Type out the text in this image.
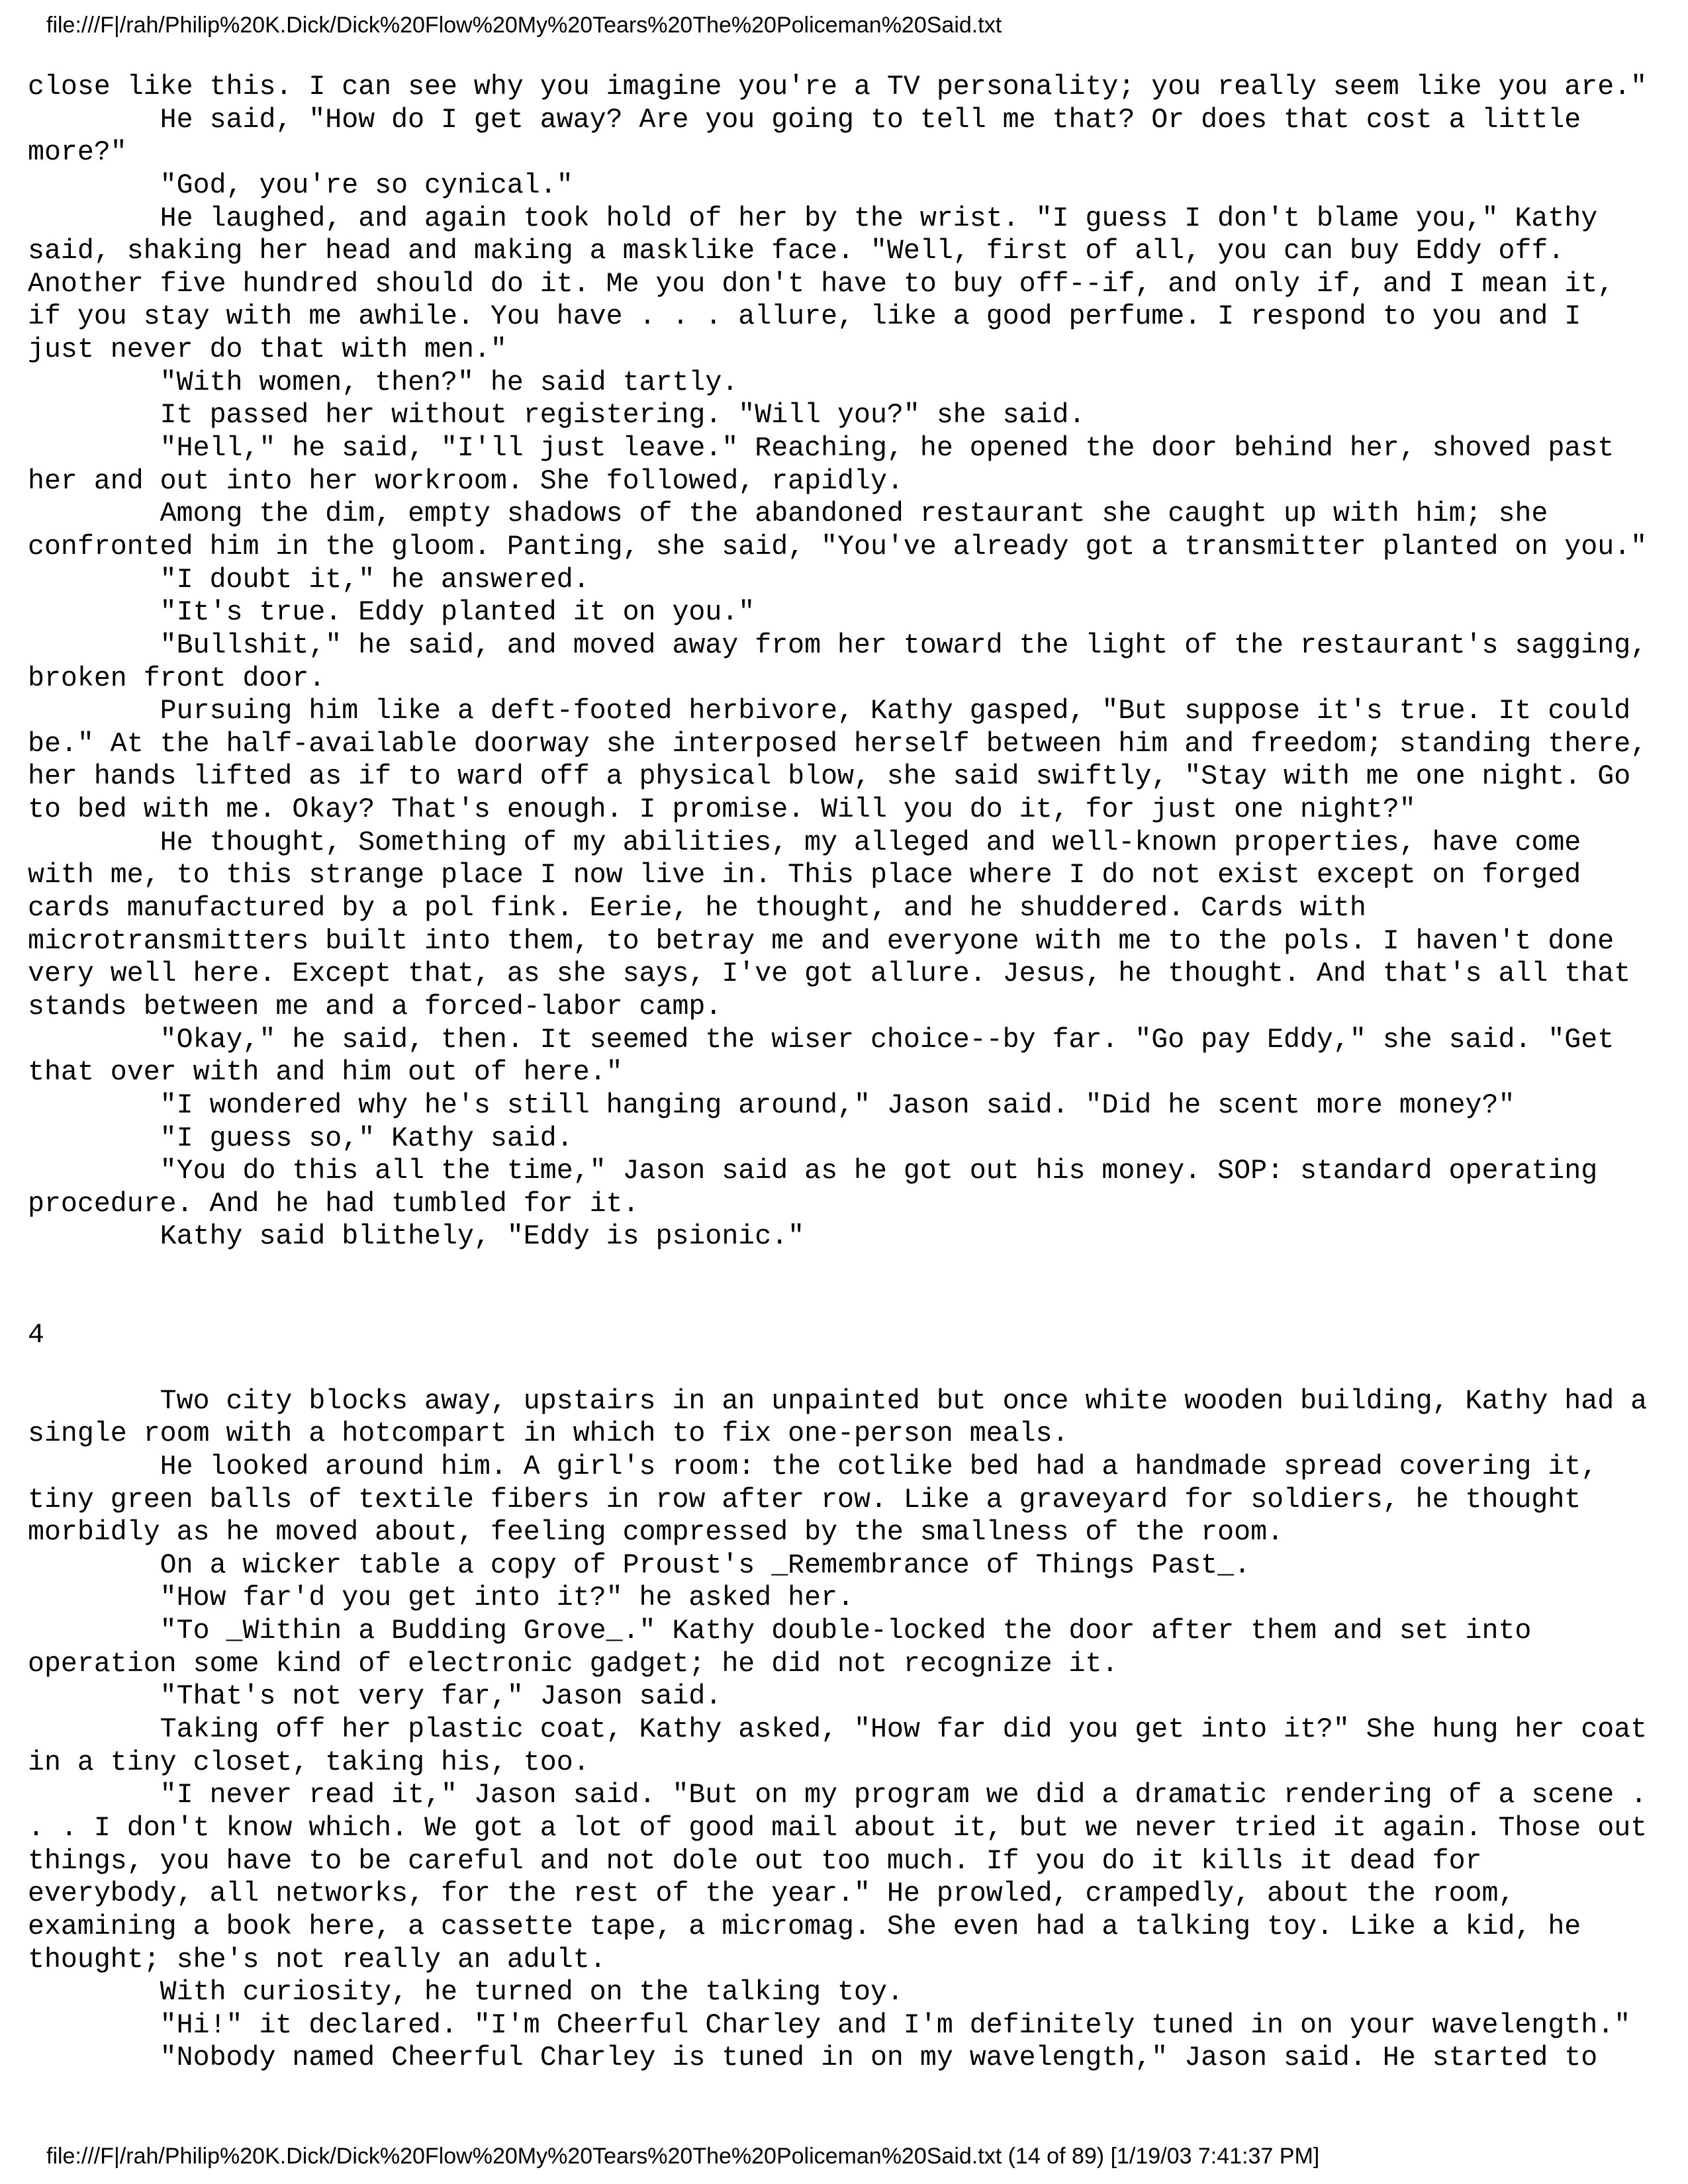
file:///F|/rah/Philip%20K.Dick/Dick%20Flow%20My%20Tears%20The%20Policeman%20Said.txt
close like this. I can see why you imagine you're a TV personality; you really seem like you are."
He said, "How do I get away? Are you going to tell me that? Or does that cost a little
more?"
"God, you're so cynical."
He laughed, and again took hold of her by the wrist. "I guess I don't blame you," Kathy
said, shaking her head and making a masklike face. "Well, first of all, you can buy Eddy off.
Another five hundred should do it. Me you don't have to buy off--if, and only if, and I mean it,
if you stay with me awhile. You have . . . allure, like a good perfume. I respond to you and I
just never do that with men."
"With women, then?" he said tartly.
It passed her without registering. "Will you?" she said.
"Hell," he said, "I'll just leave." Reaching, he opened the door behind her, shoved past
her and out into her workroom. She followed, rapidly.
Among the dim, empty shadows of the abandoned restaurant she caught up with him; she
confronted him in the gloom. Panting, she said, "You've already got a transmitter planted on you."
"I doubt it," he answered.
"It's true. Eddy planted it on you."
"Bullshit," he said, and moved away from her toward the light of the restaurant's sagging,
broken front door.
Pursuing him like a deft-footed herbivore, Kathy gasped, "But suppose it's true. It could
be." At the half-available doorway she interposed herself between him and freedom; standing there,
her hands lifted as if to ward off a physical blow, she said swiftly, "Stay with me one night. Go
to bed with me. Okay? That's enough. I promise. Will you do it, for just one night?"
He thought, Something of my abilities, my alleged and well-known properties, have come
with me, to this strange place I now live in. This place where I do not exist except on forged
cards manufactured by a pol fink. Eerie, he thought, and he shuddered. Cards with
microtransmitters built into them, to betray me and everyone with me to the pols. I haven't done
very well here. Except that, as she says, I've got allure. Jesus, he thought. And that's all that
stands between me and a forced-labor camp.
"Okay," he said, then. It seemed the wiser choice--by far. "Go pay Eddy," she said. "Get
that over with and him out of here."
"I wondered why he's still hanging around," Jason said. "Did he scent more money?"
"I guess so," Kathy said.
"You do this all the time," Jason said as he got out his money. SOP: standard operating
procedure. And he had tumbled for it.
Kathy said blithely, "Eddy is psionic."
4
Two city blocks away, upstairs in an unpainted but once white wooden building, Kathy had a
single room with a hotcompart in which to fix one-person meals.
He looked around him. A girl's room: the cotlike bed had a handmade spread covering it,
tiny green balls of textile fibers in row after row. Like a graveyard for soldiers, he thought
morbidly as he moved about, feeling compressed by the smallness of the room.
On a wicker table a copy of Proust's _Remembrance of Things Past_.
"How far'd you get into it?" he asked her.
"To _Within a Budding Grove_." Kathy double-locked the door after them and set into
operation some kind of electronic gadget; he did not recognize it.
"That's not very far," Jason said.
Taking off her plastic coat, Kathy asked, "How far did you get into it?" She hung her coat
in a tiny closet, taking his, too.
"I never read it," Jason said. "But on my program we did a dramatic rendering of a scene .
. . I don't know which. We got a lot of good mail about it, but we never tried it again. Those out
things, you have to be careful and not dole out too much. If you do it kills it dead for
everybody, all networks, for the rest of the year." He prowled, crampedly, about the room,
examining a book here, a cassette tape, a micromag. She even had a talking toy. Like a kid, he
thought; she's not really an adult.
With curiosity, he turned on the talking toy.
"Hi!" it declared. "I'm Cheerful Charley and I'm definitely tuned in on your wavelength."
"Nobody named Cheerful Charley is tuned in on my wavelength," Jason said. He started to
file:///F|/rah/Philip%20K.Dick/Dick%20Flow%20My%20Tears%20The%20Policeman%20Said.txt (14 of 89) [1/19/03 7:41:37 PM]
